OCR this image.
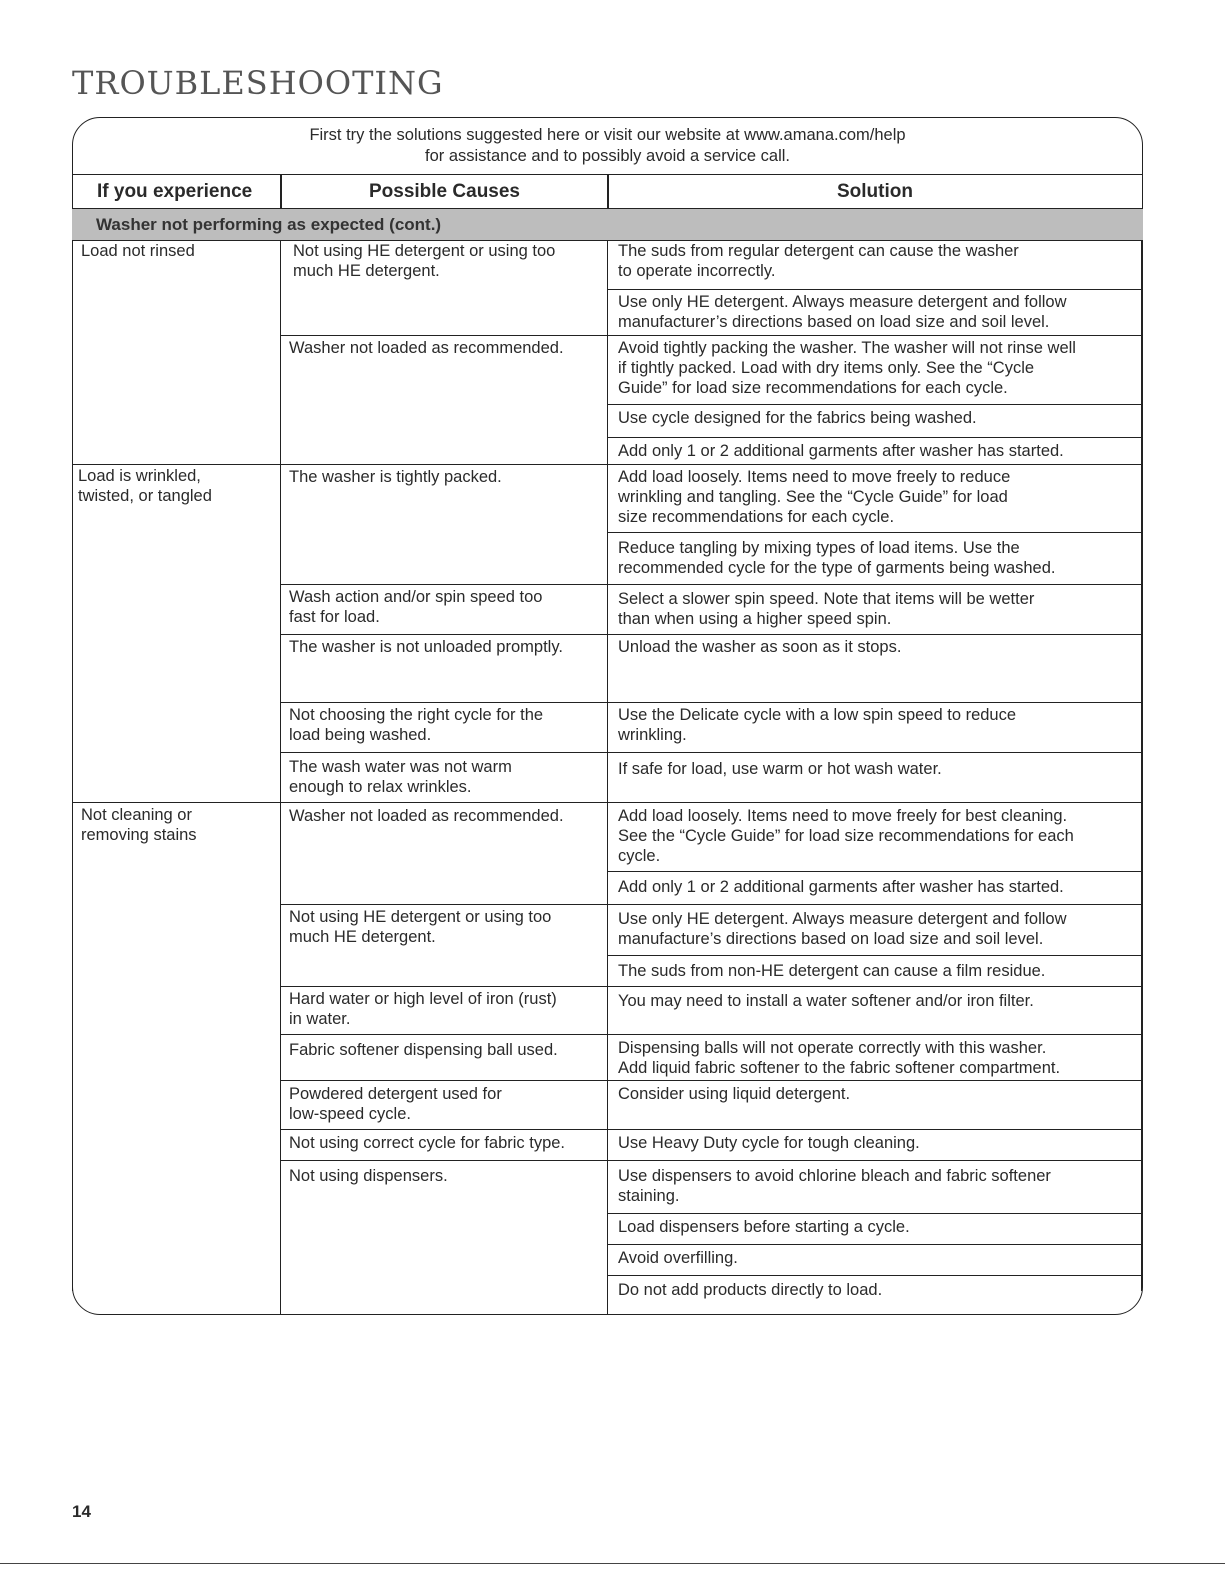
TROUBLESHOOTING
First try the solutions suggested here or visit our website at www.amana.com/help
for assistance and to possibly avoid a service call.
If you experience	Possible Causes	Solution
Washer not performing as expected (cont.)
Load not rinsed
Load is wrinkled,
twisted, or tangled
Not cleaning or
removing stains
Not using HE detergent or using too
much HE detergent.
Washer not loaded as recommended.
The washer is tightly packed.
Wash action and/or spin speed too
fast for load.
The washer is not unloaded promptly.
Not choosing the right cycle for the
load being washed.
The wash water was not warm
enough to relax wrinkles.
Washer not loaded as recommended.
Not using HE detergent or using too
much HE detergent.
Hard water or high level of iron (rust)
in water.
Fabric softener dispensing ball used.
Powdered detergent used for
low-speed cycle.
Not using correct cycle for fabric type.
Not using dispensers.
The suds from regular detergent can cause the washer
to operate incorrectly.
Use only HE detergent. Always measure detergent and follow
manufacturer’s directions based on load size and soil level.
Avoid tightly packing the washer. The washer will not rinse well
if tightly packed. Load with dry items only. See the “Cycle
Guide” for load size recommendations for each cycle.
Use cycle designed for the fabrics being washed.
Add only 1 or 2 additional garments after washer has started.
Add load loosely. Items need to move freely to reduce
wrinkling and tangling. See the “Cycle Guide” for load
size recommendations for each cycle.
Reduce tangling by mixing types of load items. Use the
recommended cycle for the type of garments being washed.
Select a slower spin speed. Note that items will be wetter
than when using a higher speed spin.
Unload the washer as soon as it stops.
Use the Delicate cycle with a low spin speed to reduce
wrinkling.
If safe for load, use warm or hot wash water.
Add load loosely. Items need to move freely for best cleaning.
See the “Cycle Guide” for load size recommendations for each
cycle.
Add only 1 or 2 additional garments after washer has started.
Use only HE detergent. Always measure detergent and follow
manufacture’s directions based on load size and soil level.
The suds from non-HE detergent can cause a film residue.
You may need to install a water softener and/or iron filter.
Dispensing balls will not operate correctly with this washer.
Add liquid fabric softener to the fabric softener compartment.
Consider using liquid detergent.
Use Heavy Duty cycle for tough cleaning.
Use dispensers to avoid chlorine bleach and fabric softener
staining.
Load dispensers before starting a cycle.
Avoid overfilling.
Do not add products directly to load.
14
